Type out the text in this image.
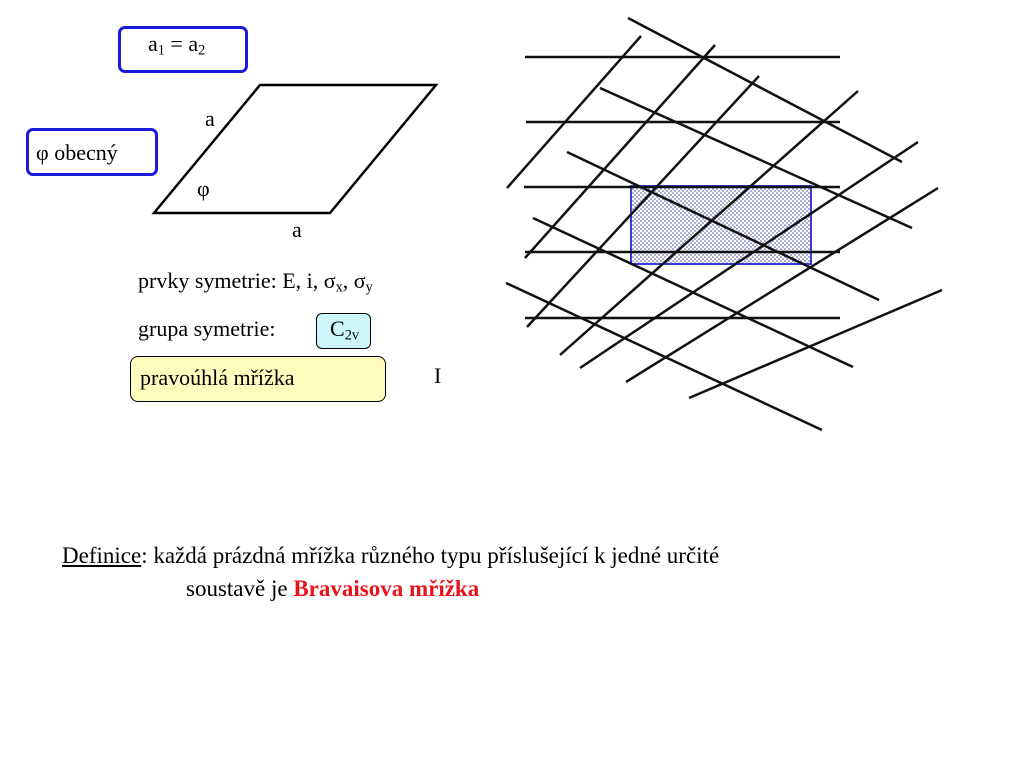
$a_1 = a_2$
φ obecný
a
φ
a
prvky symetrie: E, i, $\sigma_x$, $\sigma_y$
grupa symetrie: $C_{2v}$
pravoúhlá mřížka	I
Definice: každá prázdná mřížka různého typu příslušející k jedné určité
soustavě je Bravaisova mřížka
